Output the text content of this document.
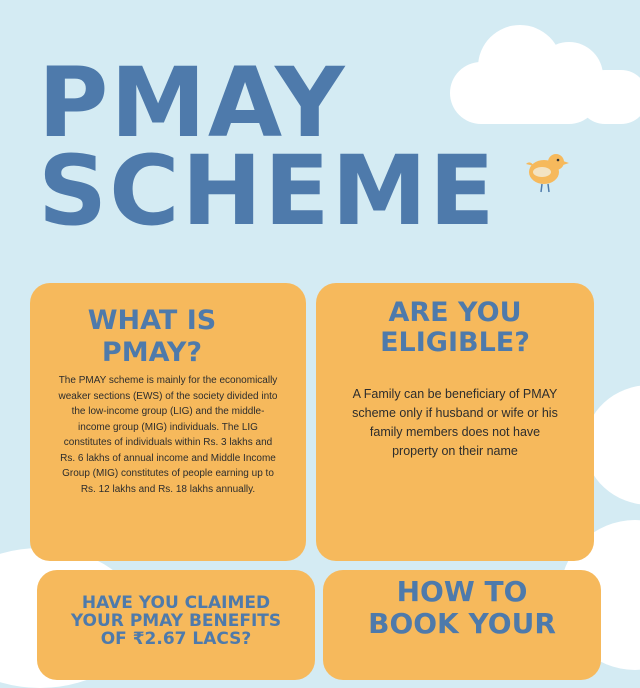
PMAY
SCHEME
WHAT IS
PMAY?

The PMAY scheme is mainly for the economically weaker sections (EWS) of the society divided into the low-income group (LIG) and the middle-income group (MIG) individuals. The LIG constitutes of individuals within Rs. 3 lakhs and Rs. 6 lakhs of annual income and Middle Income Group (MIG) constitutes of people earning up to Rs. 12 lakhs and Rs. 18 lakhs annually.

ARE YOU
ELIGIBLE?

A Family can be beneficiary of PMAY scheme only if husband or wife or his family members does not have property on their name

HAVE YOU CLAIMED
YOUR PMAY BENEFITS
OF ₹2.67 LACS?
HOW TO
BOOK YOUR
